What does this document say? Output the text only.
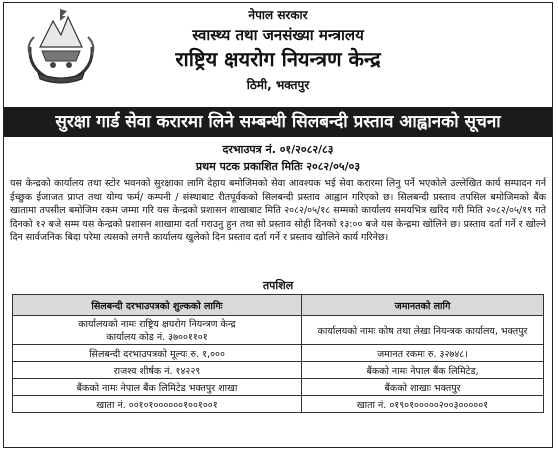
नेपाल सरकार
स्वास्थ्य तथा जनसंख्या मन्त्रालय
राष्ट्रिय क्षयरोग नियन्त्रण केन्द्र
ठिमी, भक्तपुर
सुरक्षा गार्ड सेवा करारमा लिने सम्बन्धी सिलबन्दी प्रस्ताव आह्वानको सूचना
दरभाउपत्र नं. ०१/२०८२/८३
प्रथम पटक प्रकाशित मितिः २०८२/०५/०३
यस केन्द्रको कार्यालय तथा स्टोर भवनको सुरक्षाका लागि देहाय बमोजिमको सेवा आवश्यक भई सेवा करारमा लिनु पर्ने भएकोले उल्लेखित कार्य सम्पादन गर्न ईच्छुक ईजाजत प्राप्त तथा योग्य फर्म/ कम्पनी / संस्थाबाट रीतपूर्वकको सिलबन्दी प्रस्ताव आह्वान गरिएको छ। सिलबन्दी प्रस्ताव तपसिल बमोजिमको बैंक खातामा तपसील बमोजिम रकम जम्मा गरि यस केन्द्रको प्रशासन शाखाबाट मिति २०८२/०५/१८ सम्मको कार्यालय समयभित्र खरिद गरी मिति २०८२/०५/१९ गते दिनको १२ बजे सम्म यस केन्द्रको प्रशासन शाखामा दर्ता गराउनु हुन तथा सो प्रस्ताव सोही दिनको १३:०० बजे यस केन्द्रमा खोलिने छ। प्रस्ताव दर्ता गर्ने र खोल्ने दिन सार्वजनिक बिदा परेमा त्यसको लगत्तै कार्यालय खुलेको दिन प्रस्ताव दर्ता गर्ने र प्रस्ताव खोलिने कार्य गरिनेछ।
तपशिल
सिलबन्दी दरभाउपत्रको शुल्कको लागिः	जमानतको लागि

कार्यालयको नामः राष्ट्रिय क्षयरोग नियन्त्रण केन्द्र
कार्यालय कोड नं. ३७००११०१	कार्यालयको नामः कोष तथा लेखा नियन्त्रक कार्यालय, भक्तपुर
सिलबन्दी दरभाउपत्रको मूल्यः रु. १,०००	जमानत रकमः रु. ३२७४८।
राजश्व शीर्षक नं. १४२२९	बैंकको नामः नेपाल बैंक लिमिटेड,
बैंकको नामः नेपाल बैंक लिमिटेड भक्तपुर शाखा	बैंकको शाखाः भक्तपुर
खाता नं. ००१०१००००००१००१००१	खाता नं. ०१९०१०००००२००३०००००१
